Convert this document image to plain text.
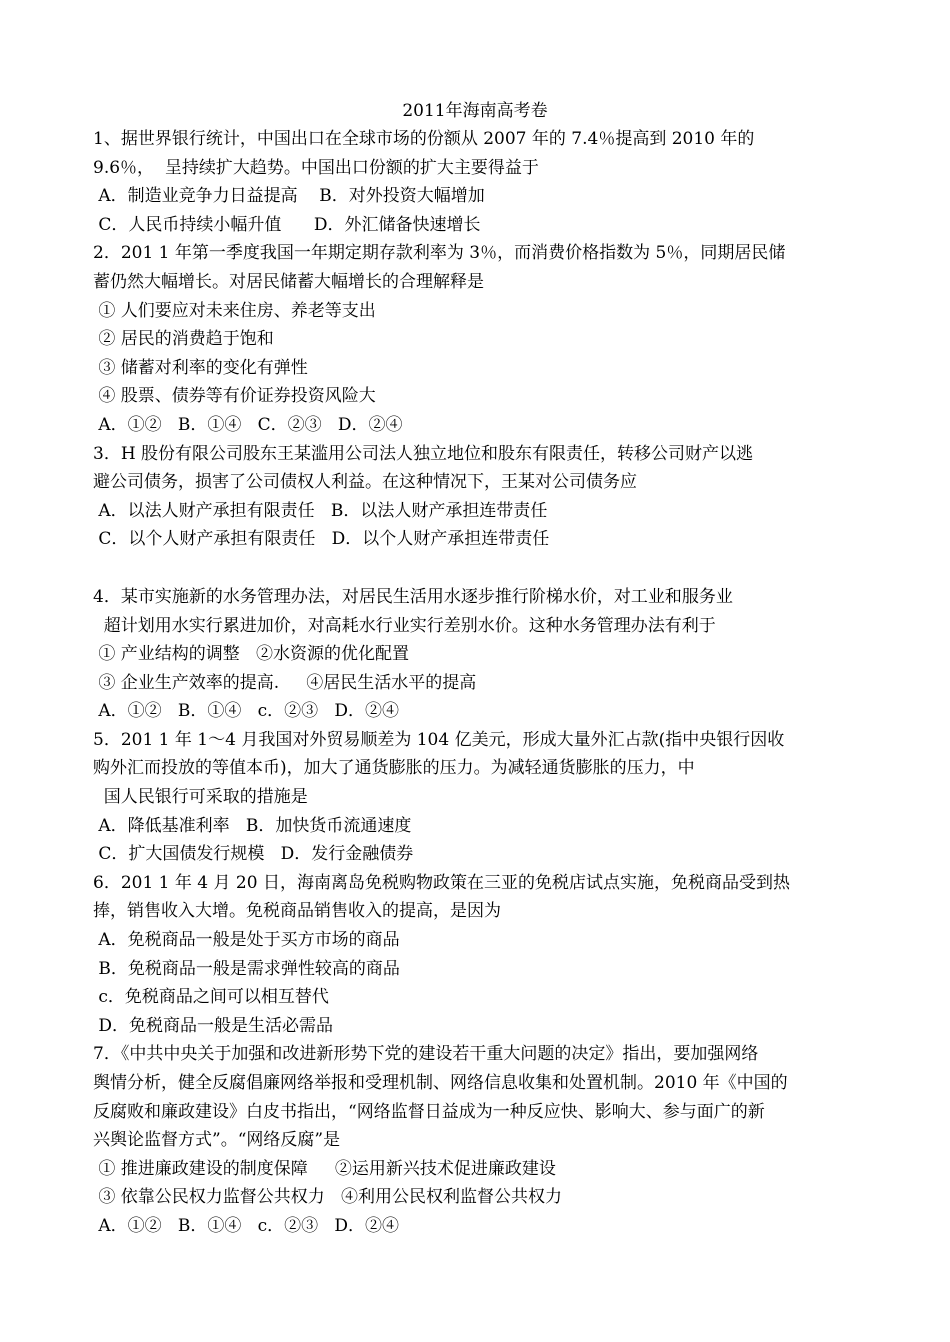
2011年海南高考卷
1、据世界银行统计，中国出口在全球市场的份额从 2007 年的 7.4％提高到 2010 年的
9.6％，  呈持续扩大趋势。中国出口份额的扩大主要得益于
A．制造业竞争力日益提高    B．对外投资大幅增加
C．人民币持续小幅升值      D．外汇储备快速增长
2．201 1 年第一季度我国一年期定期存款利率为 3％，而消费价格指数为 5％，同期居民储
蓄仍然大幅增长。对居民储蓄大幅增长的合理解释是
① 人们要应对未来住房、养老等支出
② 居民的消费趋于饱和
③ 储蓄对利率的变化有弹性
④ 股票、债券等有价证券投资风险大
A．①②   B．①④   C．②③   D．②④
3．H 股份有限公司股东王某滥用公司法人独立地位和股东有限责任，转移公司财产以逃
避公司债务，损害了公司债权人利益。在这种情况下，王某对公司债务应
A．以法人财产承担有限责任   B．以法人财产承担连带责任
C．以个人财产承担有限责任   D．以个人财产承担连带责任
4．某市实施新的水务管理办法，对居民生活用水逐步推行阶梯水价，对工业和服务业
超计划用水实行累进加价，对高耗水行业实行差别水价。这种水务管理办法有利于
① 产业结构的调整   ②水资源的优化配置
③ 企业生产效率的提高.     ④居民生活水平的提高
A．①②   B．①④   c．②③   D．②④
5．201 1 年 1～4 月我国对外贸易顺差为 104 亿美元，形成大量外汇占款(指中央银行因收
购外汇而投放的等值本币)，加大了通货膨胀的压力。为减轻通货膨胀的压力，中
国人民银行可采取的措施是
A．降低基准利率   B．加快货币流通速度
C．扩大国债发行规模   D．发行金融债券
6．201 1 年 4 月 20 日，海南离岛免税购物政策在三亚的免税店试点实施，免税商品受到热
捧，销售收入大增。免税商品销售收入的提高，是因为
A．免税商品一般是处于买方市场的商品
B．免税商品一般是需求弹性较高的商品
c．免税商品之间可以相互替代
D．免税商品一般是生活必需品
7．《中共中央关于加强和改进新形势下党的建设若干重大问题的决定》指出，要加强网络
舆情分析，健全反腐倡廉网络举报和受理机制、网络信息收集和处置机制。2010 年《中国的
反腐败和廉政建设》白皮书指出，“网络监督日益成为一种反应快、影响大、参与面广的新
兴舆论监督方式”。“网络反腐”是
① 推进廉政建设的制度保障     ②运用新兴技术促进廉政建设
③ 依靠公民权力监督公共权力   ④利用公民权利监督公共权力
A．①②   B．①④   c．②③   D．②④
